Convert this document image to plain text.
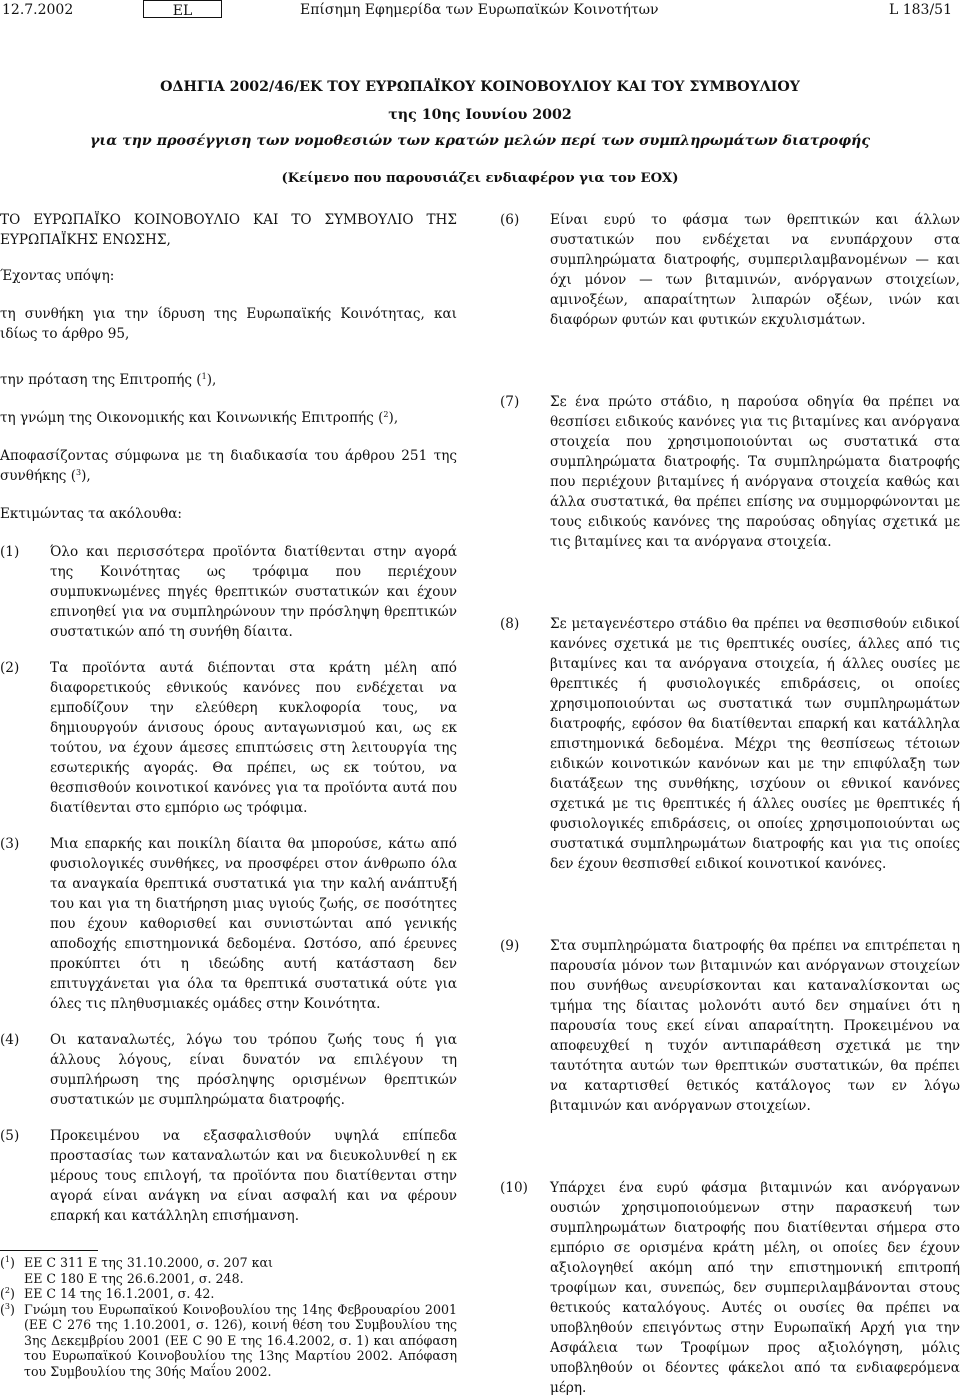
12.7.2002	EL	Επίσημη Εφημερίδα των Ευρωπαϊκών Κοινοτήτων	L 183/51
ΟΔΗΓΙΑ 2002/46/ΕΚ ΤΟΥ ΕΥΡΩΠΑΪΚΟΥ ΚΟΙΝΟΒΟΥΛΙΟΥ ΚΑΙ ΤΟΥ ΣΥΜΒΟΥΛΙΟΥ
της 10ης Ιουνίου 2002
για την προσέγγιση των νομοθεσιών των κρατών μελών περί των συμπληρωμάτων διατροφής
(Κείμενο που παρουσιάζει ενδιαφέρον για τον ΕΟΧ)

ΤΟ ΕΥΡΩΠΑΪΚΟ ΚΟΙΝΟΒΟΥΛΙΟ ΚΑΙ ΤΟ ΣΥΜΒΟΥΛΙΟ ΤΗΣ ΕΥΡΩΠΑΪΚΗΣ ΕΝΩΣΗΣ,

Έχοντας υπόψη:

τη συνθήκη για την ίδρυση της Ευρωπαϊκής Κοινότητας, και ιδίως το άρθρο 95,

την πρόταση της Επιτροπής ($^1$),

τη γνώμη της Οικονομικής και Κοινωνικής Επιτροπής ($^2$),

Αποφασίζοντας σύμφωνα με τη διαδικασία του άρθρου 251 της συνθήκης ($^3$),

Εκτιμώντας τα ακόλουθα:

(1)	Όλο και περισσότερα προϊόντα διατίθενται στην αγορά της Κοινότητας ως τρόφιμα που περιέχουν συμπυκνωμένες πηγές θρεπτικών συστατικών και έχουν επινοηθεί για να συμπληρώνουν την πρόσληψη θρεπτικών συστατικών από τη συνήθη δίαιτα.
(2)	Τα προϊόντα αυτά διέπονται στα κράτη μέλη από διαφορετικούς εθνικούς κανόνες που ενδέχεται να εμποδίζουν την ελεύθερη κυκλοφορία τους, να δημιουργούν άνισους όρους ανταγωνισμού και, ως εκ τούτου, να έχουν άμεσες επιπτώσεις στη λειτουργία της εσωτερικής αγοράς. Θα πρέπει, ως εκ τούτου, να θεσπισθούν κοινοτικοί κανόνες για τα προϊόντα αυτά που διατίθενται στο εμπόριο ως τρόφιμα.
(3)	Μια επαρκής και ποικίλη δίαιτα θα μπορούσε, κάτω από φυσιολογικές συνθήκες, να προσφέρει στον άνθρωπο όλα τα αναγκαία θρεπτικά συστατικά για την καλή ανάπτυξή του και για τη διατήρηση μιας υγιούς ζωής, σε ποσότητες που έχουν καθορισθεί και συνιστώνται από γενικής αποδοχής επιστημονικά δεδομένα. Ωστόσο, από έρευνες προκύπτει ότι η ιδεώδης αυτή κατάσταση δεν επιτυγχάνεται για όλα τα θρεπτικά συστατικά ούτε για όλες τις πληθυσμιακές ομάδες στην Κοινότητα.
(4)	Οι καταναλωτές, λόγω του τρόπου ζωής τους ή για άλλους λόγους, είναι δυνατόν να επιλέγουν τη συμπλήρωση της πρόσληψης ορισμένων θρεπτικών συστατικών με συμπληρώματα διατροφής.
(5)	Προκειμένου να εξασφαλισθούν υψηλά επίπεδα προστασίας των καταναλωτών και να διευκολυνθεί η εκ μέρους τους επιλογή, τα προϊόντα που διατίθενται στην αγορά είναι ανάγκη να είναι ασφαλή και να φέρουν επαρκή και κατάλληλη επισήμανση.
(6)	Είναι ευρύ το φάσμα των θρεπτικών και άλλων συστατικών που ενδέχεται να ενυπάρχουν στα συμπληρώματα διατροφής, συμπεριλαμβανομένων — και όχι μόνον — των βιταμινών, ανόργανων στοιχείων, αμινοξέων, απαραίτητων λιπαρών οξέων, ινών και διαφόρων φυτών και φυτικών εκχυλισμάτων.
(7)	Σε ένα πρώτο στάδιο, η παρούσα οδηγία θα πρέπει να θεσπίσει ειδικούς κανόνες για τις βιταμίνες και ανόργανα στοιχεία που χρησιμοποιούνται ως συστατικά στα συμπληρώματα διατροφής. Τα συμπληρώματα διατροφής που περιέχουν βιταμίνες ή ανόργανα στοιχεία καθώς και άλλα συστατικά, θα πρέπει επίσης να συμμορφώνονται με τους ειδικούς κανόνες της παρούσας οδηγίας σχετικά με τις βιταμίνες και τα ανόργανα στοιχεία.
(8)	Σε μεταγενέστερο στάδιο θα πρέπει να θεσπισθούν ειδικοί κανόνες σχετικά με τις θρεπτικές ουσίες, άλλες από τις βιταμίνες και τα ανόργανα στοιχεία, ή άλλες ουσίες με θρεπτικές ή φυσιολογικές επιδράσεις, οι οποίες χρησιμοποιούνται ως συστατικά των συμπληρωμάτων διατροφής, εφόσον θα διατίθενται επαρκή και κατάλληλα επιστημονικά δεδομένα. Μέχρι της θεσπίσεως τέτοιων ειδικών κοινοτικών κανόνων και με την επιφύλαξη των διατάξεων της συνθήκης, ισχύουν οι εθνικοί κανόνες σχετικά με τις θρεπτικές ή άλλες ουσίες με θρεπτικές ή φυσιολογικές επιδράσεις, οι οποίες χρησιμοποιούνται ως συστατικά συμπληρωμάτων διατροφής και για τις οποίες δεν έχουν θεσπισθεί ειδικοί κοινοτικοί κανόνες.
(9)	Στα συμπληρώματα διατροφής θα πρέπει να επιτρέπεται η παρουσία μόνον των βιταμινών και ανόργανων στοιχείων που συνήθως ανευρίσκονται και καταναλίσκονται ως τμήμα της δίαιτας μολονότι αυτό δεν σημαίνει ότι η παρουσία τους εκεί είναι απαραίτητη. Προκειμένου να αποφευχθεί η τυχόν αντιπαράθεση σχετικά με την ταυτότητα αυτών των θρεπτικών συστατικών, θα πρέπει να καταρτισθεί θετικός κατάλογος των εν λόγω βιταμινών και ανόργανων στοιχείων.
(10)	Υπάρχει ένα ευρύ φάσμα βιταμινών και ανόργανων ουσιών χρησιμοποιούμενων στην παρασκευή των συμπληρωμάτων διατροφής που διατίθενται σήμερα στο εμπόριο σε ορισμένα κράτη μέλη, οι οποίες δεν έχουν αξιολογηθεί ακόμη από την επιστημονική επιτροπή τροφίμων και, συνεπώς, δεν συμπεριλαμβάνονται στους θετικούς καταλόγους. Αυτές οι ουσίες θα πρέπει να υποβληθούν επειγόντως στην Ευρωπαϊκή Αρχή για την Ασφάλεια των Τροφίμων προς αξιολόγηση, μόλις υποβληθούν οι δέοντες φάκελοι από τα ενδιαφερόμενα μέρη.
($^1$) ΕΕ C 311 Ε της 31.10.2000, σ. 207 και
ΕΕ C 180 Ε της 26.6.2001, σ. 248.
($^2$) ΕΕ C 14 της 16.1.2001, σ. 42.
($^3$) Γνώμη του Ευρωπαϊκού Κοινοβουλίου της 14ης Φεβρουαρίου 2001 (ΕΕ C 276 της 1.10.2001, σ. 126), κοινή θέση του Συμβουλίου της 3ης Δεκεμβρίου 2001 (ΕΕ C 90 Ε της 16.4.2002, σ. 1) και απόφαση του Ευρωπαϊκού Κοινοβουλίου της 13ης Μαρτίου 2002. Απόφαση του Συμβουλίου της 30ής Μαΐου 2002.
